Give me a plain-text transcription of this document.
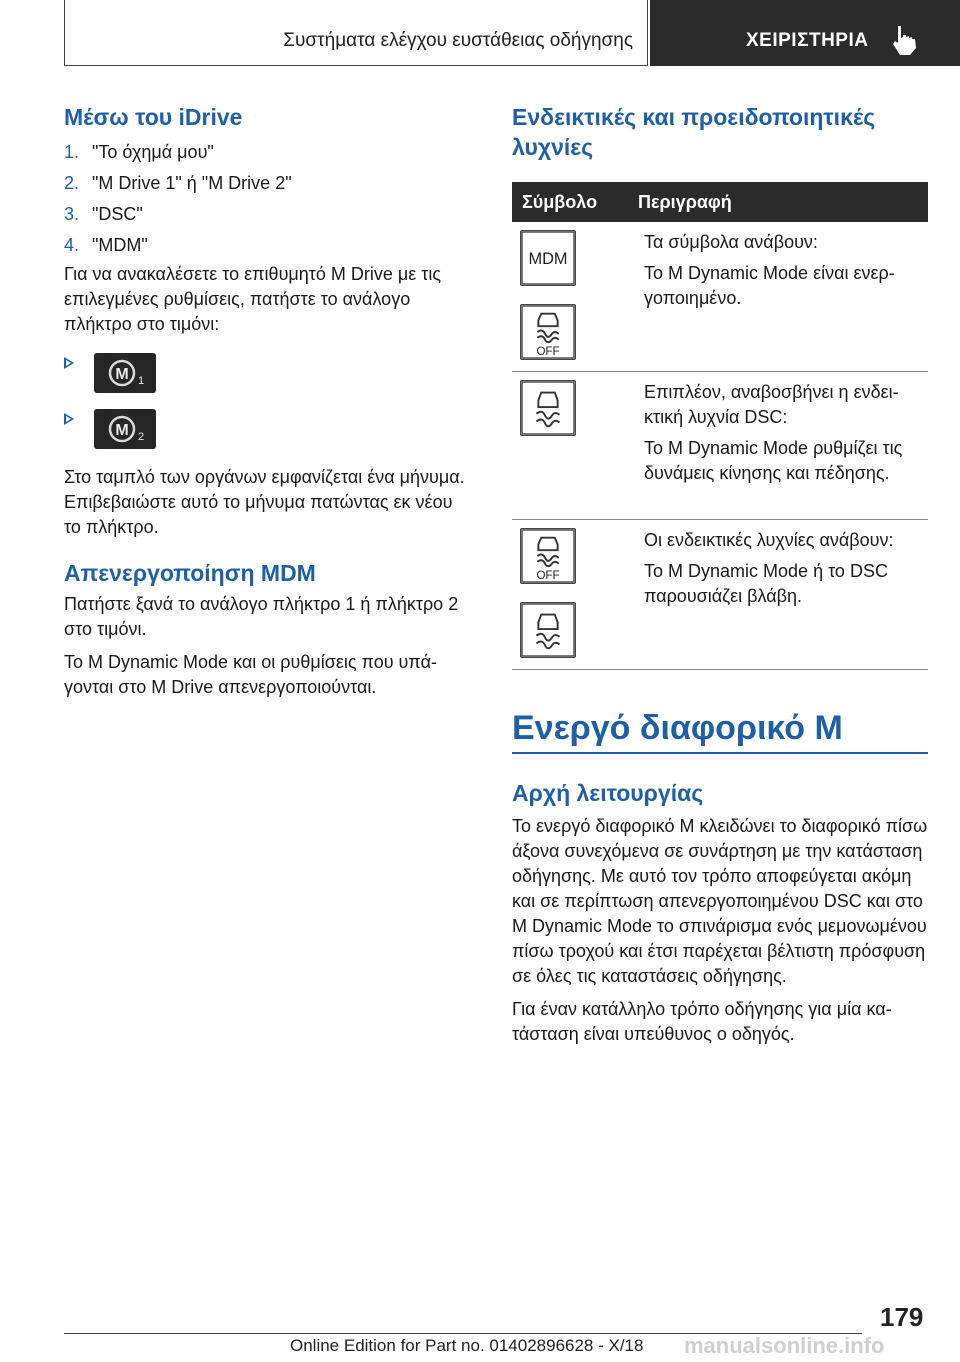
Συστήματα ελέγχου ευστάθειας οδήγησης	ΧΕΙΡΙΣΤΗΡΙΑ
Μέσω του iDrive
1. "Το όχημά μου"
2. "M Drive 1" ή "M Drive 2"
3. "DSC"
4. "MDM"

Για να ανακαλέσετε το επιθυμητό M Drive με τις επιλεγμένες ρυθμίσεις, πατήστε το ανάλογο πλήκτρο στο τιμόνι:

M 1
M 2

Στο ταμπλό των οργάνων εμφανίζεται ένα μήνυμα. Επιβεβαιώστε αυτό το μήνυμα πατώντας εκ νέου το πλήκτρο.

Απενεργοποίηση MDM

Πατήστε ξανά το ανάλογο πλήκτρο 1 ή πλήκτρο 2 στο τιμόνι.

Το M Dynamic Mode και οι ρυθμίσεις που υπάγονται στο M Drive απενεργοποιούνται.

Ενδεικτικές και προειδοποιητικές λυχνίες
Σύμβολο Περιγραφή
MDM
OFF

Τα σύμβολα ανάβουν:

Το M Dynamic Mode είναι ενεργοποιημένο.

Επιπλέον, αναβοσβήνει η ενδεικτική λυχνία DSC:

Το M Dynamic Mode ρυθμίζει τις δυνάμεις κίνησης και πέδησης.

OFF

Οι ενδεικτικές λυχνίες ανάβουν:

Το M Dynamic Mode ή το DSC παρουσιάζει βλάβη.

Ενεργό διαφορικό M
Αρχή λειτουργίας

Το ενεργό διαφορικό M κλειδώνει το διαφορικό πίσω άξονα συνεχόμενα σε συνάρτηση με την κατάσταση οδήγησης. Με αυτό τον τρόπο αποφεύγεται ακόμη και σε περίπτωση απενεργοποιημένου DSC και στο M Dynamic Mode το σπινάρισμα ενός μεμονωμένου πίσω τροχού και έτσι παρέχεται βέλτιστη πρόσφυση σε όλες τις καταστάσεις οδήγησης.

Για έναν κατάλληλο τρόπο οδήγησης για μία κατάσταση είναι υπεύθυνος ο οδηγός.

179
Online Edition for Part no. 01402896628 - X/18 manualsonline.info
